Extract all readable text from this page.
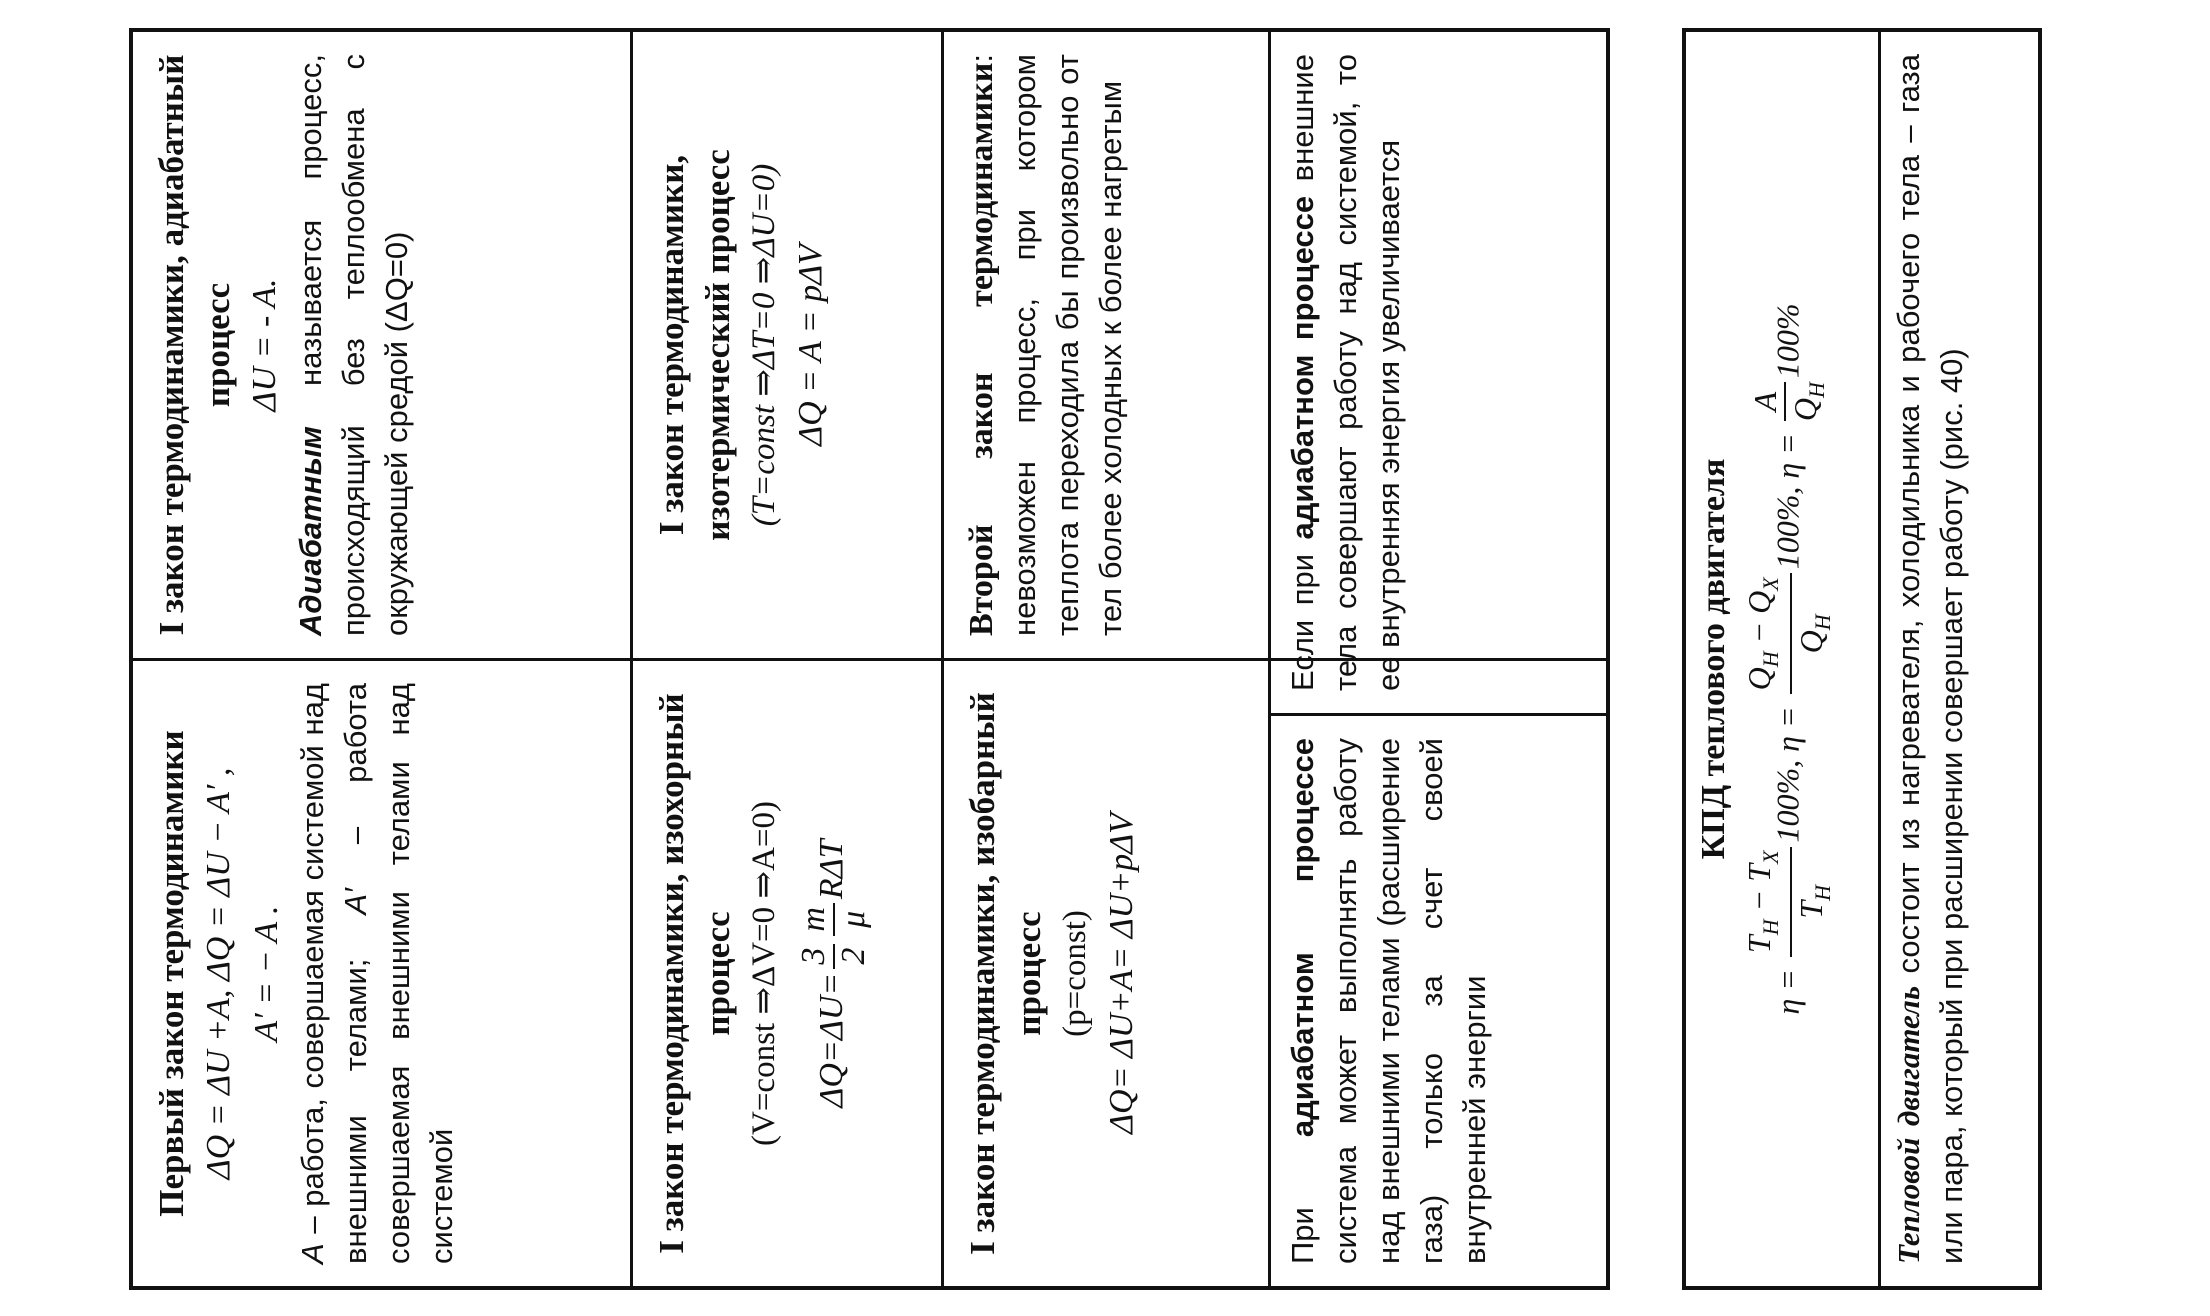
Первый закон термодинамики ΔQ = ΔU +A, ΔQ = ΔU − A′ , A′ = − A .
A – работа, совершаемая системой над внешними телами; A′ – работа совершаемая внешними телами над системой
I закон термодинамики, адиабатный процесс ΔU = - A.
Адиабатным называется процесс, происходящий без теплообмена с окружающей средой (ΔQ=0)
I закон термодинамики, изохорный процесс (V=const ⇒ΔV=0 ⇒A=0) ΔQ=ΔU=
3 2
m μ
RΔT
I закон термодинамики, изотермический процесс (T=const ⇒ΔT=0 ⇒ΔU=0) ΔQ = A = pΔV
I закон термодинамики, изобарный процесс (p=const) ΔQ= ΔU+A= ΔU+pΔV
Второй закон термодинамики: невозможен процесс, при котором теплота переходила бы произвольно от тел более холодных к более нагретым
При адиабатном процессе система может выполнять работу над внешними телами (расширение газа) только за счет своей внутренней энергии
Если при адиабатном процессе внешние тела совершают работу над системой, то ее внутренняя энергия увеличивается	КПД теплового двигателя
η =
$T_H - T_X$
$T_H$
100%, η =
$Q_H - Q_X$
$Q_H$
100%, η =
A $Q_H$
100%
Тепловой двигатель состоит из нагревателя, холодильника и рабочего тела – газа или пара, который при расширении совершает работу (рис. 40)
